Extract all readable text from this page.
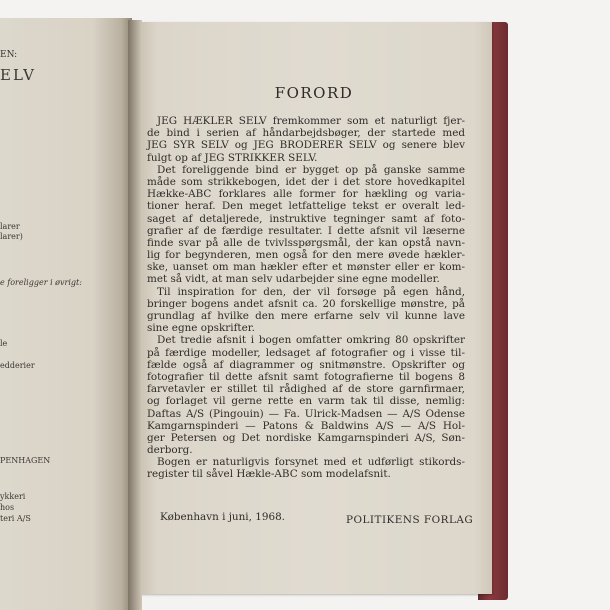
EN:
ELV
larer
larer)
e foreligger i øvrigt:
le
edderier
PENHAGEN
ykkeri
hos
teri A/S
FORORD
JEG HÆKLER SELV fremkommer som et naturligt fjer-
de bind i serien af håndarbejdsbøger, der startede med
JEG SYR SELV og JEG BRODERER SELV og senere blev
fulgt op af JEG STRIKKER SELV.
Det foreliggende bind er bygget op på ganske samme
måde som strikkebogen, idet der i det store hovedkapitel
Hække-ABC forklares alle former for hækling og varia-
tioner heraf. Den meget letfattelige tekst er overalt led-
saget af detaljerede, instruktive tegninger samt af foto-
grafier af de færdige resultater. I dette afsnit vil læserne
finde svar på alle de tvivlsspørgsmål, der kan opstå navn-
lig for begynderen, men også for den mere øvede hækler-
ske, uanset om man hækler efter et mønster eller er kom-
met så vidt, at man selv udarbejder sine egne modeller.
Til inspiration for den, der vil forsøge på egen hånd,
bringer bogens andet afsnit ca. 20 forskellige mønstre, på
grundlag af hvilke den mere erfarne selv vil kunne lave
sine egne opskrifter.
Det tredie afsnit i bogen omfatter omkring 80 opskrifter
på færdige modeller, ledsaget af fotografier og i visse til-
fælde også af diagrammer og snitmønstre. Opskrifter og
fotografier til dette afsnit samt fotografierne til bogens 8
farvetavler er stillet til rådighed af de store garnfirmaer,
og forlaget vil gerne rette en varm tak til disse, nemlig:
Daftas A/S (Pingouin) — Fa. Ulrick-Madsen — A/S Odense
Kamgarnspinderi — Patons & Baldwins A/S — A/S Hol-
ger Petersen og Det nordiske Kamgarnspinderi A/S, Søn-
derborg.
Bogen er naturligvis forsynet med et udførligt stikords-
register til såvel Hækle-ABC som modelafsnit.
København i juni, 1968.	POLITIKENS FORLAG
